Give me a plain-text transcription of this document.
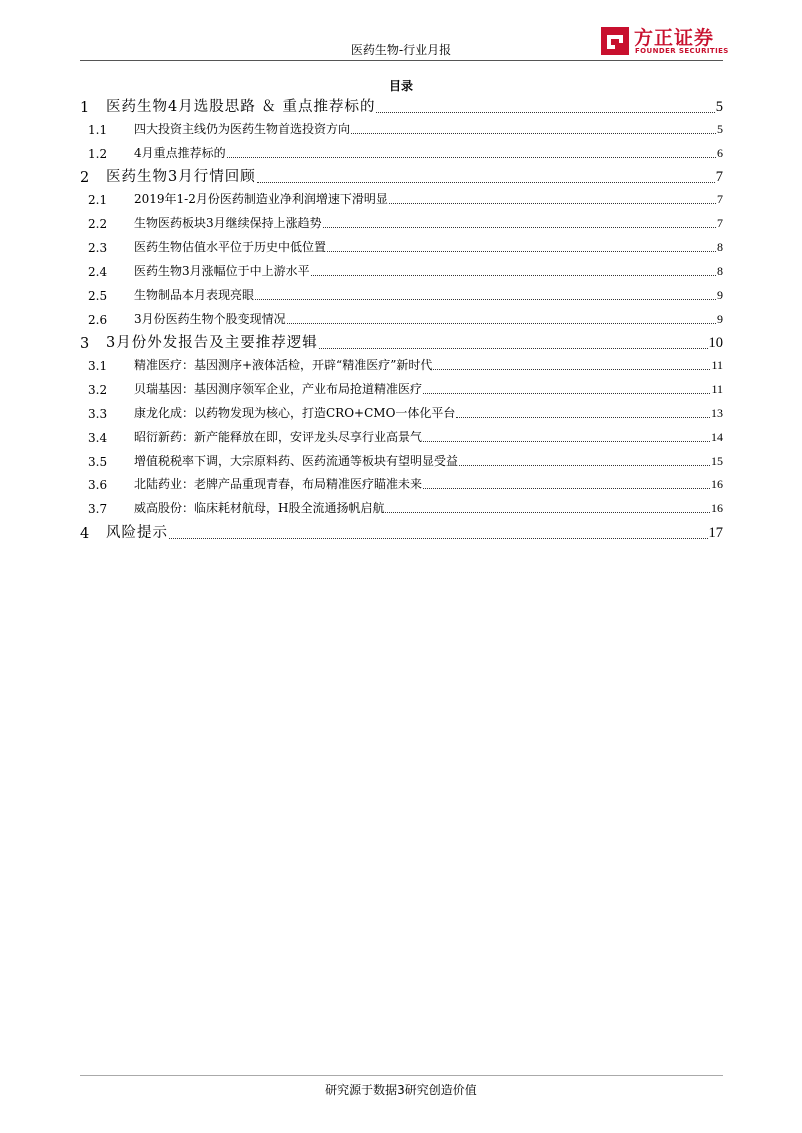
医药生物-行业月报
方正证券
FOUNDER SECURITIES
目录
1	医药生物4月选股思路 ＆ 重点推荐标的	5
1.1	四大投资主线仍为医药生物首选投资方向	5
1.2	4月重点推荐标的	6
2	医药生物3月行情回顾	7
2.1	2019年1-2月份医药制造业净利润增速下滑明显	7
2.2	生物医药板块3月继续保持上涨趋势	7
2.3	医药生物估值水平位于历史中低位置	8
2.4	医药生物3月涨幅位于中上游水平	8
2.5	生物制品本月表现亮眼	9
2.6	3月份医药生物个股变现情况	9
3	3月份外发报告及主要推荐逻辑	10
3.1	精准医疗：基因测序+液体活检，开辟“精准医疗”新时代	11
3.2	贝瑞基因：基因测序领军企业，产业布局抢道精准医疗	11
3.3	康龙化成：以药物发现为核心，打造CRO+CMO一体化平台	13
3.4	昭衍新药：新产能释放在即，安评龙头尽享行业高景气	14
3.5	增值税税率下调，大宗原料药、医药流通等板块有望明显受益	15
3.6	北陆药业：老牌产品重现青春，布局精准医疗瞄准未来	16
3.7	威高股份：临床耗材航母，H股全流通扬帆启航	16
4	风险提示	17
研究源于数据3研究创造价值
